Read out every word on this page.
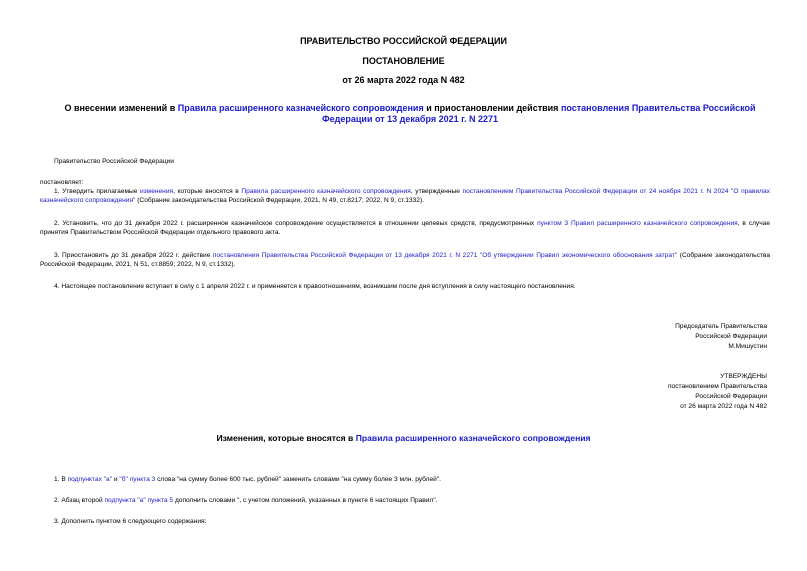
ПРАВИТЕЛЬСТВО РОССИЙСКОЙ ФЕДЕРАЦИИ
ПОСТАНОВЛЕНИЕ
от 26 марта 2022 года N 482
О внесении изменений в Правила расширенного казначейского сопровождения и приостановлении действия постановления Правительства Российской Федерации от 13 декабря 2021 г. N 2271
Правительство Российской Федерации
постановляет:
1. Утвердить прилагаемые изменения, которые вносятся в Правила расширенного казначейского сопровождения, утвержденные постановлением Правительства Российской Федерации от 24 ноября 2021 г. N 2024 "О правилах казначейского сопровождения" (Собрание законодательства Российской Федерации, 2021, N 49, ст.8217; 2022, N 9, ст.1332).
2. Установить, что до 31 декабря 2022 г. расширенное казначейское сопровождение осуществляется в отношении целевых средств, предусмотренных пунктом 3 Правил расширенного казначейского сопровождения, в случае принятия Правительством Российской Федерации отдельного правового акта.
3. Приостановить до 31 декабря 2022 г. действие постановления Правительства Российской Федерации от 13 декабря 2021 г. N 2271 "Об утверждении Правил экономического обоснования затрат" (Собрание законодательства Российской Федерации, 2021, N 51, ст.8859; 2022, N 9, ст.1332).
4. Настоящее постановление вступает в силу с 1 апреля 2022 г. и применяется к правоотношениям, возникшим после дня вступления в силу настоящего постановления.
Председатель Правительства
Российской Федерации
М.Мишустин
УТВЕРЖДЕНЫ
постановлением Правительства
Российской Федерации
от 26 марта 2022 года N 482
Изменения, которые вносятся в Правила расширенного казначейского сопровождения
1. В подпунктах "а" и "б" пункта 3 слова "на сумму более 600 тыс. рублей" заменить словами "на сумму более 3 млн. рублей".
2. Абзац второй подпункта "а" пункта 5 дополнить словами ", с учетом положений, указанных в пункте 6 настоящих Правил".
3. Дополнить пунктом 6 следующего содержания:
